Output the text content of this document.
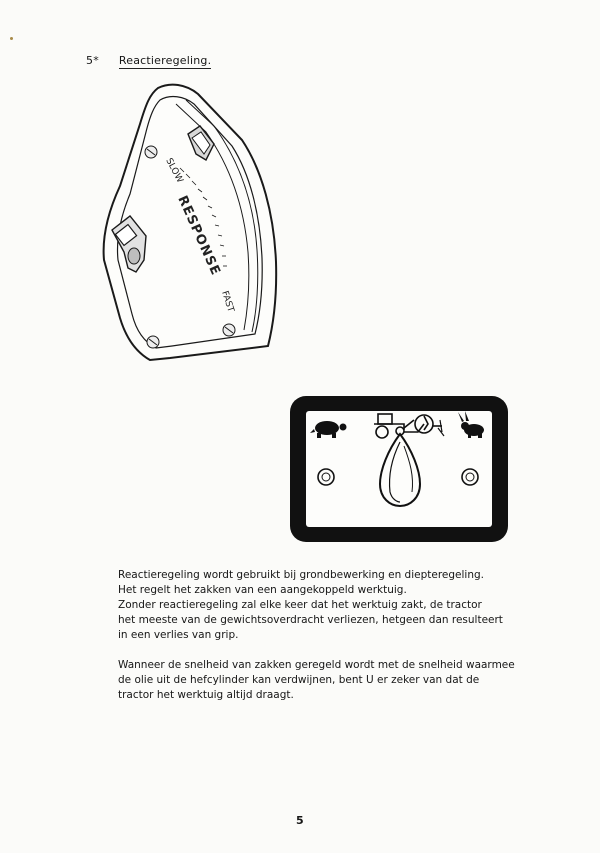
5* Reactieregeling.
SLOW
RESPONSE
FAST

Reactieregeling wordt gebruikt bij grondbewerking en diepteregeling.

Het regelt het zakken van een aangekoppeld werktuig.

Zonder reactieregeling zal elke keer dat het werktuig zakt, de tractor

het meeste van de gewichtsoverdracht verliezen, hetgeen dan resulteert

in een verlies van grip.

Wanneer de snelheid van zakken geregeld wordt met de snelheid waarmee

de olie uit de hefcylinder kan verdwijnen, bent U er zeker van dat de

tractor het werktuig altijd draagt.

5
